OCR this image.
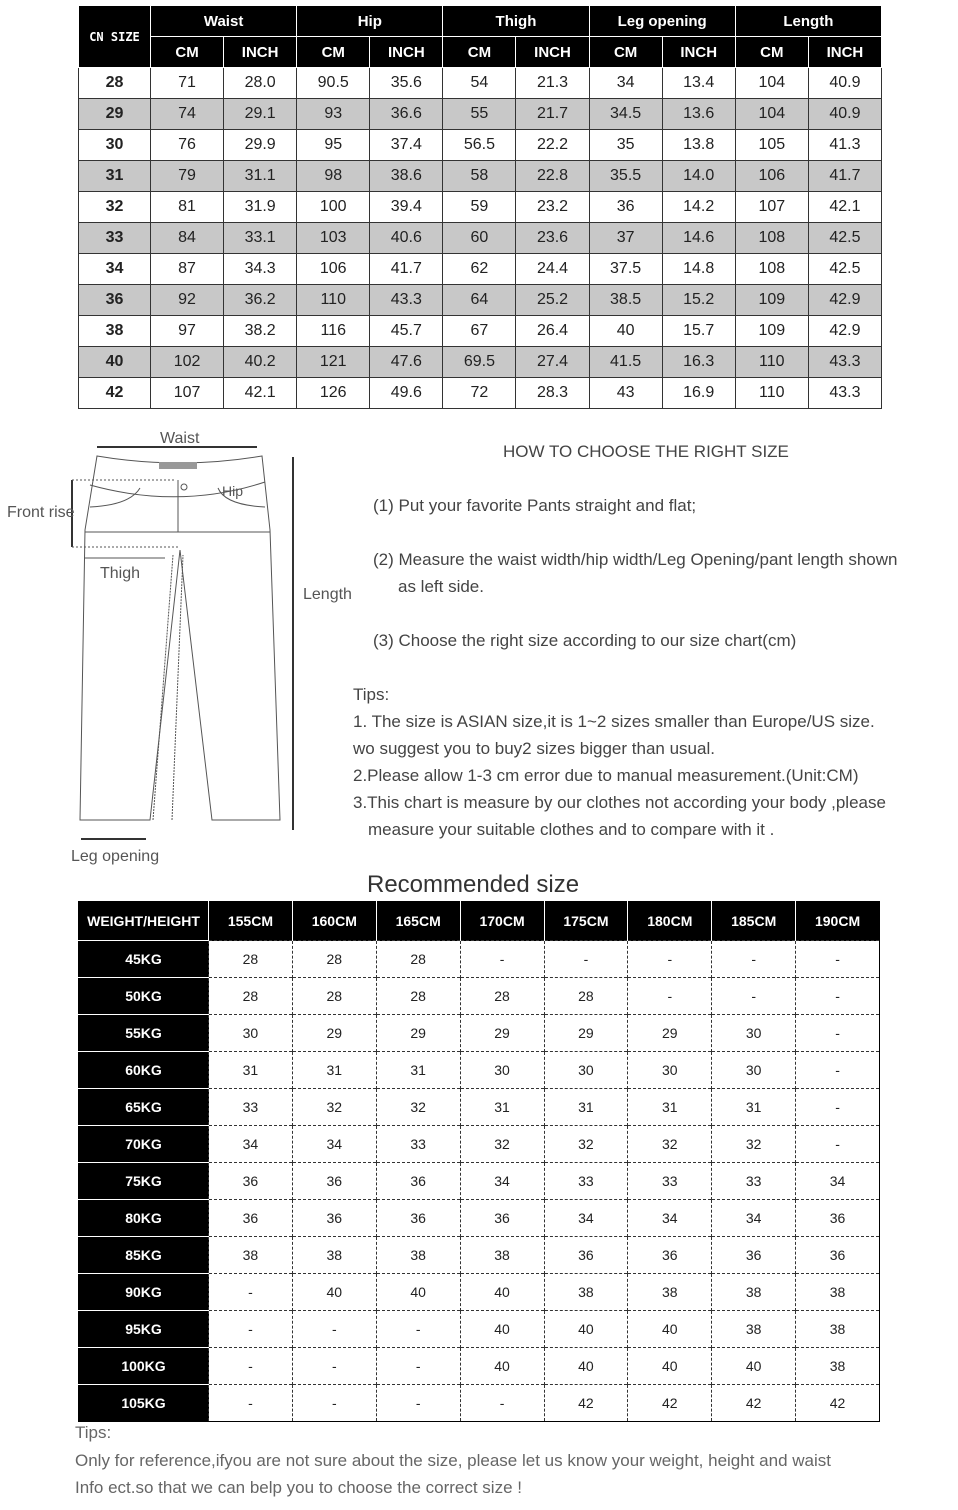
CN SIZE	Waist		Hip		Thigh		Leg opening		Length	
	CM	INCH	CM	INCH	CM	INCH	CM	INCH	CM	INCH
28	71	28.0	90.5	35.6	54	21.3	34	13.4	104	40.9
29	74	29.1	93	36.6	55	21.7	34.5	13.6	104	40.9
30	76	29.9	95	37.4	56.5	22.2	35	13.8	105	41.3
31	79	31.1	98	38.6	58	22.8	35.5	14.0	106	41.7
32	81	31.9	100	39.4	59	23.2	36	14.2	107	42.1
33	84	33.1	103	40.6	60	23.6	37	14.6	108	42.5
34	87	34.3	106	41.7	62	24.4	37.5	14.8	108	42.5
36	92	36.2	110	43.3	64	25.2	38.5	15.2	109	42.9
38	97	38.2	116	45.7	67	26.4	40	15.7	109	42.9
40	102	40.2	121	47.6	69.5	27.4	41.5	16.3	110	43.3
42	107	42.1	126	49.6	72	28.3	43	16.9	110	43.3
Waist
Front rise
Hip
Thigh
Length
Leg opening
HOW TO CHOOSE THE RIGHT SIZE
(1) Put your favorite Pants straight and flat;
(2) Measure the waist width/hip width/Leg Opening/pant length shown
as left side.
(3) Choose the right size according to our size chart(cm)
Tips:
1. The size is ASIAN size,it is 1~2 sizes smaller than Europe/US size.
wo suggest you to buy2 sizes bigger than usual.
2.Please allow 1-3 cm error due to manual measurement.(Unit:CM)
3.This chart is measure by our clothes not according your body ,please
measure your suitable clothes and to compare with it .
Recommended size
WEIGHT/HEIGHT	155CM	160CM	165CM	170CM	175CM	180CM	185CM	190CM
45KG	28	28	28	-	-	-	-	-
50KG	28	28	28	28	28	-	-	-
55KG	30	29	29	29	29	29	30	-
60KG	31	31	31	30	30	30	30	-
65KG	33	32	32	31	31	31	31	-
70KG	34	34	33	32	32	32	32	-
75KG	36	36	36	34	33	33	33	34
80KG	36	36	36	36	34	34	34	36
85KG	38	38	38	38	36	36	36	36
90KG	-	40	40	40	38	38	38	38
95KG	-	-	-	40	40	40	38	38
100KG	-	-	-	40	40	40	40	38
105KG	-	-	-	-	42	42	42	42
Tips:
Only for reference,ifyou are not sure about the size, please let us know your weight, height and waist
Info ect.so that we can belp you to choose the correct size !
